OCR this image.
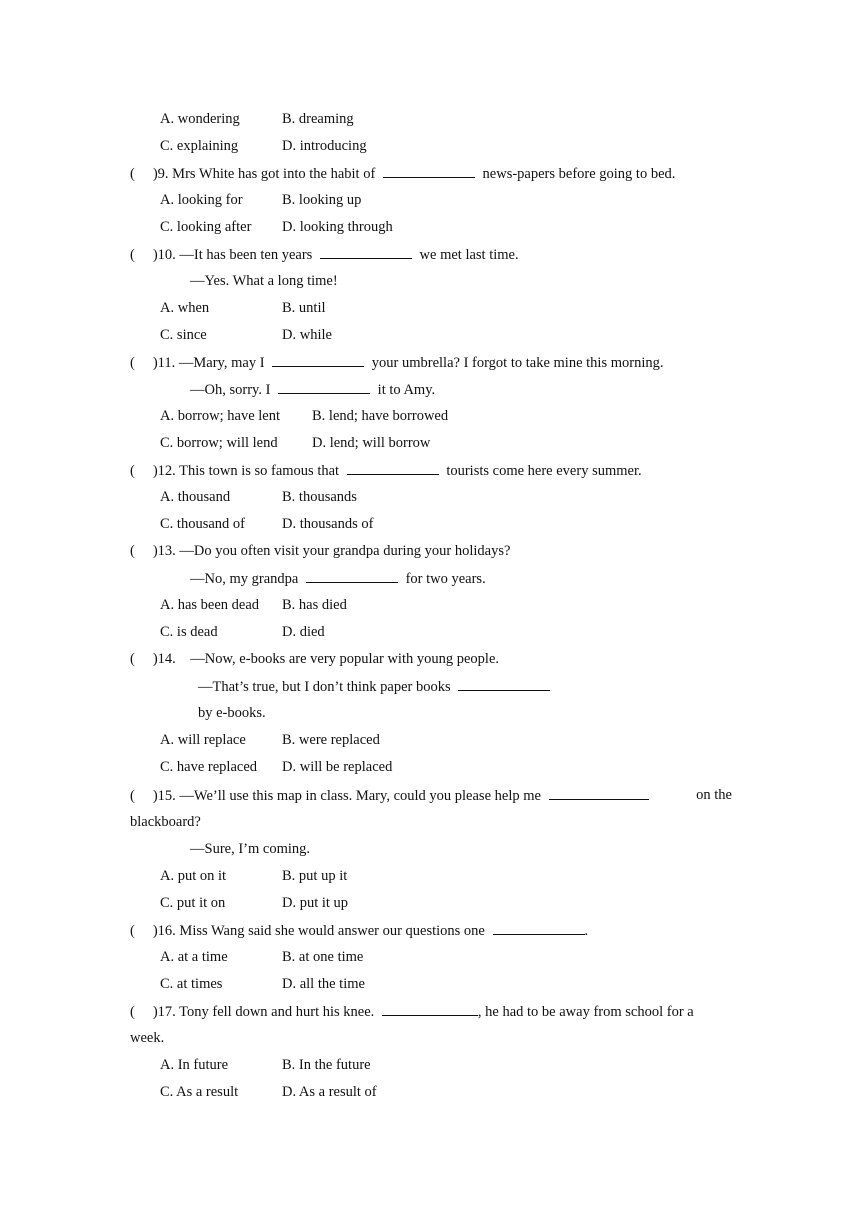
A. wondering	B. dreaming
C. explaining	D. introducing
( )9. Mrs White has got into the habit of	news-papers before going to bed.
A. looking for	B. looking up
C. looking after D. looking through
( )10. —It has been ten years	we met last time.
—Yes. What a long time!
A. when	B. until
C. since	D. while
( )11. —Mary, may I	your umbrella? I forgot to take mine this morning.
—Oh, sorry. I	it to Amy.
A. borrow; have lent B. lend; have borrowed
C. borrow; will lend D. lend; will borrow
( )12. This town is so famous that	tourists come here every summer.
A. thousand	B. thousands
C. thousand of	D. thousands of
( )13. —Do you often visit your grandpa during your holidays?
—No, my grandpa	for two years.
A. has been dead B. has died
C. is dead	D. died
( )14.　—Now, e-books are very popular with young people.
—That’s true, but I don’t think paper books
by e-books.
A. will replace B. were replaced
C. have replaced D. will be replaced
( )15. —We’ll use this map in class. Mary, could you please help me	on the
blackboard?
—Sure, I’m coming.
A. put on it	B. put up it
C. put it on	D. put it up
( )16. Miss Wang said she would answer our questions one	.
A. at a time	B. at one time
C. at times	D. all the time
( )17. Tony fell down and hurt his knee.	, he had to be away from school for a
week.
A. In future	B. In the future
C. As a result	D. As a result of
